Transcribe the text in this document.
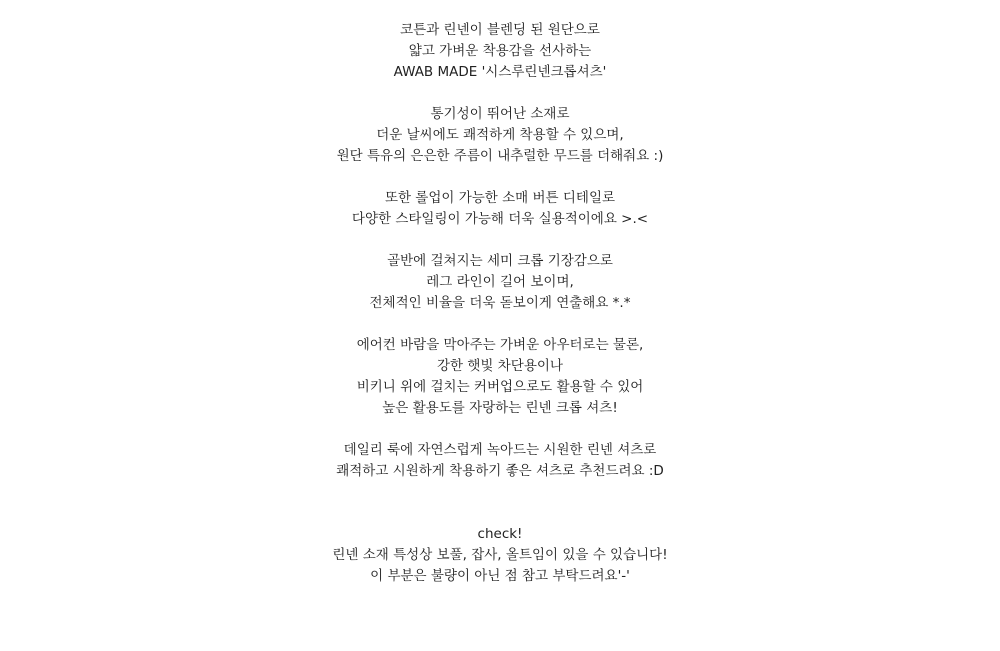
코튼과 린넨이 블렌딩 된 원단으로
얇고 가벼운 착용감을 선사하는
AWAB MADE '시스루린넨크롭셔츠'

통기성이 뛰어난 소재로
더운 날씨에도 쾌적하게 착용할 수 있으며,
원단 특유의 은은한 주름이 내추럴한 무드를 더해줘요 :)

또한 롤업이 가능한 소매 버튼 디테일로
다양한 스타일링이 가능해 더욱 실용적이에요 >.<

골반에 걸쳐지는 세미 크롭 기장감으로
레그 라인이 길어 보이며,
전체적인 비율을 더욱 돋보이게 연출해요 *.*

에어컨 바람을 막아주는 가벼운 아우터로는 물론,
강한 햇빛 차단용이나
비키니 위에 걸치는 커버업으로도 활용할 수 있어
높은 활용도를 자랑하는 린넨 크롭 셔츠!

데일리 룩에 자연스럽게 녹아드는 시원한 린넨 셔츠로
쾌적하고 시원하게 착용하기 좋은 셔츠로 추천드려요 :D

check!
린넨 소재 특성상 보풀, 잡사, 올트임이 있을 수 있습니다!
이 부분은 불량이 아닌 점 참고 부탁드려요'-'
